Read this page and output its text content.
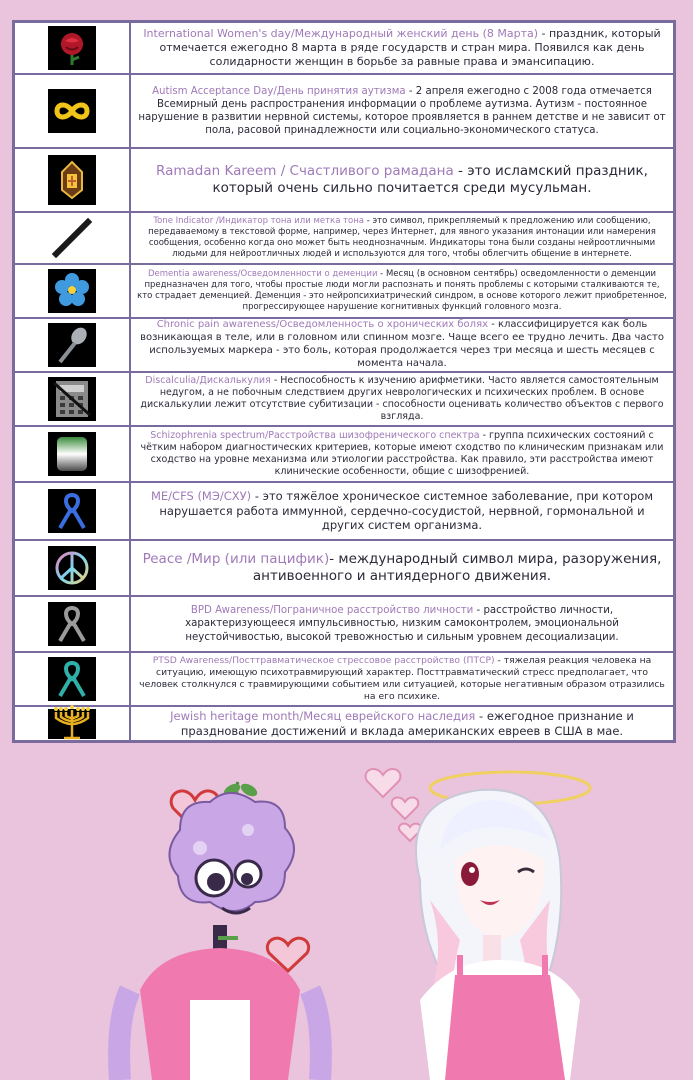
International Women's day/Международный женский день (8 Марта) - праздник, который отмечается ежегодно 8 марта в ряде государств и стран мира. Появился как день солидарности женщин в борьбе за равные права и эмансипацию.
Autism Acceptance Day/День принятия аутизма - 2 апреля ежегодно с 2008 года отмечается Всемирный день распространения информации о проблеме аутизма. Аутизм - постоянное нарушение в развитии нервной системы, которое проявляется в раннем детстве и не зависит от пола, расовой принадлежности или социально-экономического статуса.
Ramadan Kareem / Счастливого рамадана - это исламский праздник, который очень сильно почитается среди мусульман.
Tone Indicator /Индикатор тона или метка тона - это символ, прикрепляемый к предложению или сообщению, передаваемому в текстовой форме, например, через Интернет, для явного указания интонации или намерения сообщения, особенно когда оно может быть неоднозначным. Индикаторы тона были созданы нейроотличными людьми для нейроотличных людей и используются для того, чтобы облегчить общение в интернете.
Dementia awareness/Осведомленности о деменции - Месяц (в основном сентябрь) осведомленности о деменции предназначен для того, чтобы простые люди могли распознать и понять проблемы с которыми сталкиваются те, кто страдает деменцией. Деменция - это нейропсихиатрический синдром, в основе которого лежит приобретенное, прогрессирующее нарушение когнитивных функций головного мозга.
Chronic pain awareness/Осведомленность о хронических болях - классифицируется как боль возникающая в теле, или в головном или спинном мозге. Чаще всего ее трудно лечить. Два часто используемых маркера - это боль, которая продолжается через три месяца и шесть месяцев с момента начала.
Discalculia/Дискалькулия - Неспособность к изучению арифметики. Часто является самостоятельным недугом, а не побочным следствием других неврологических и психических проблем. В основе дискалькулии лежит отсутствие субитизации - способности оценивать количество объектов с первого взгляда.
Schizophrenia spectrum/Расстройства шизофренического спектра - группа психических состояний с чётким набором диагностических критериев, которые имеют сходство по клиническим признакам или сходство на уровне механизма или этиологии расстройства. Как правило, эти расстройства имеют клинические особенности, общие с шизофренией.
ME/CFS (МЭ/СХУ) - это тяжёлое хроническое системное заболевание, при котором нарушается работа иммунной, сердечно-сосудистой, нервной, гормональной и других систем организма.
Peace /Мир (или пацифик)- международный символ мира, разоружения, антивоенного и антиядерного движения.
BPD Awareness/Пограничное расстройство личности - расстройство личности, характеризующееся импульсивностью, низким самоконтролем, эмоциональной неустойчивостью, высокой тревожностью и сильным уровнем десоциализации.
PTSD Awareness/Посттравматическое стрессовое расстройство (ПТСР) - тяжелая реакция человека на ситуацию, имеющую психотравмирующий характер. Посттравматический стресс предполагает, что человек столкнулся с травмирующими событием или ситуацией, которые негативным образом отразились на его психике.
Jewish heritage month/Месяц еврейского наследия - ежегодное признание и празднование достижений и вклада американских евреев в США в мае.
